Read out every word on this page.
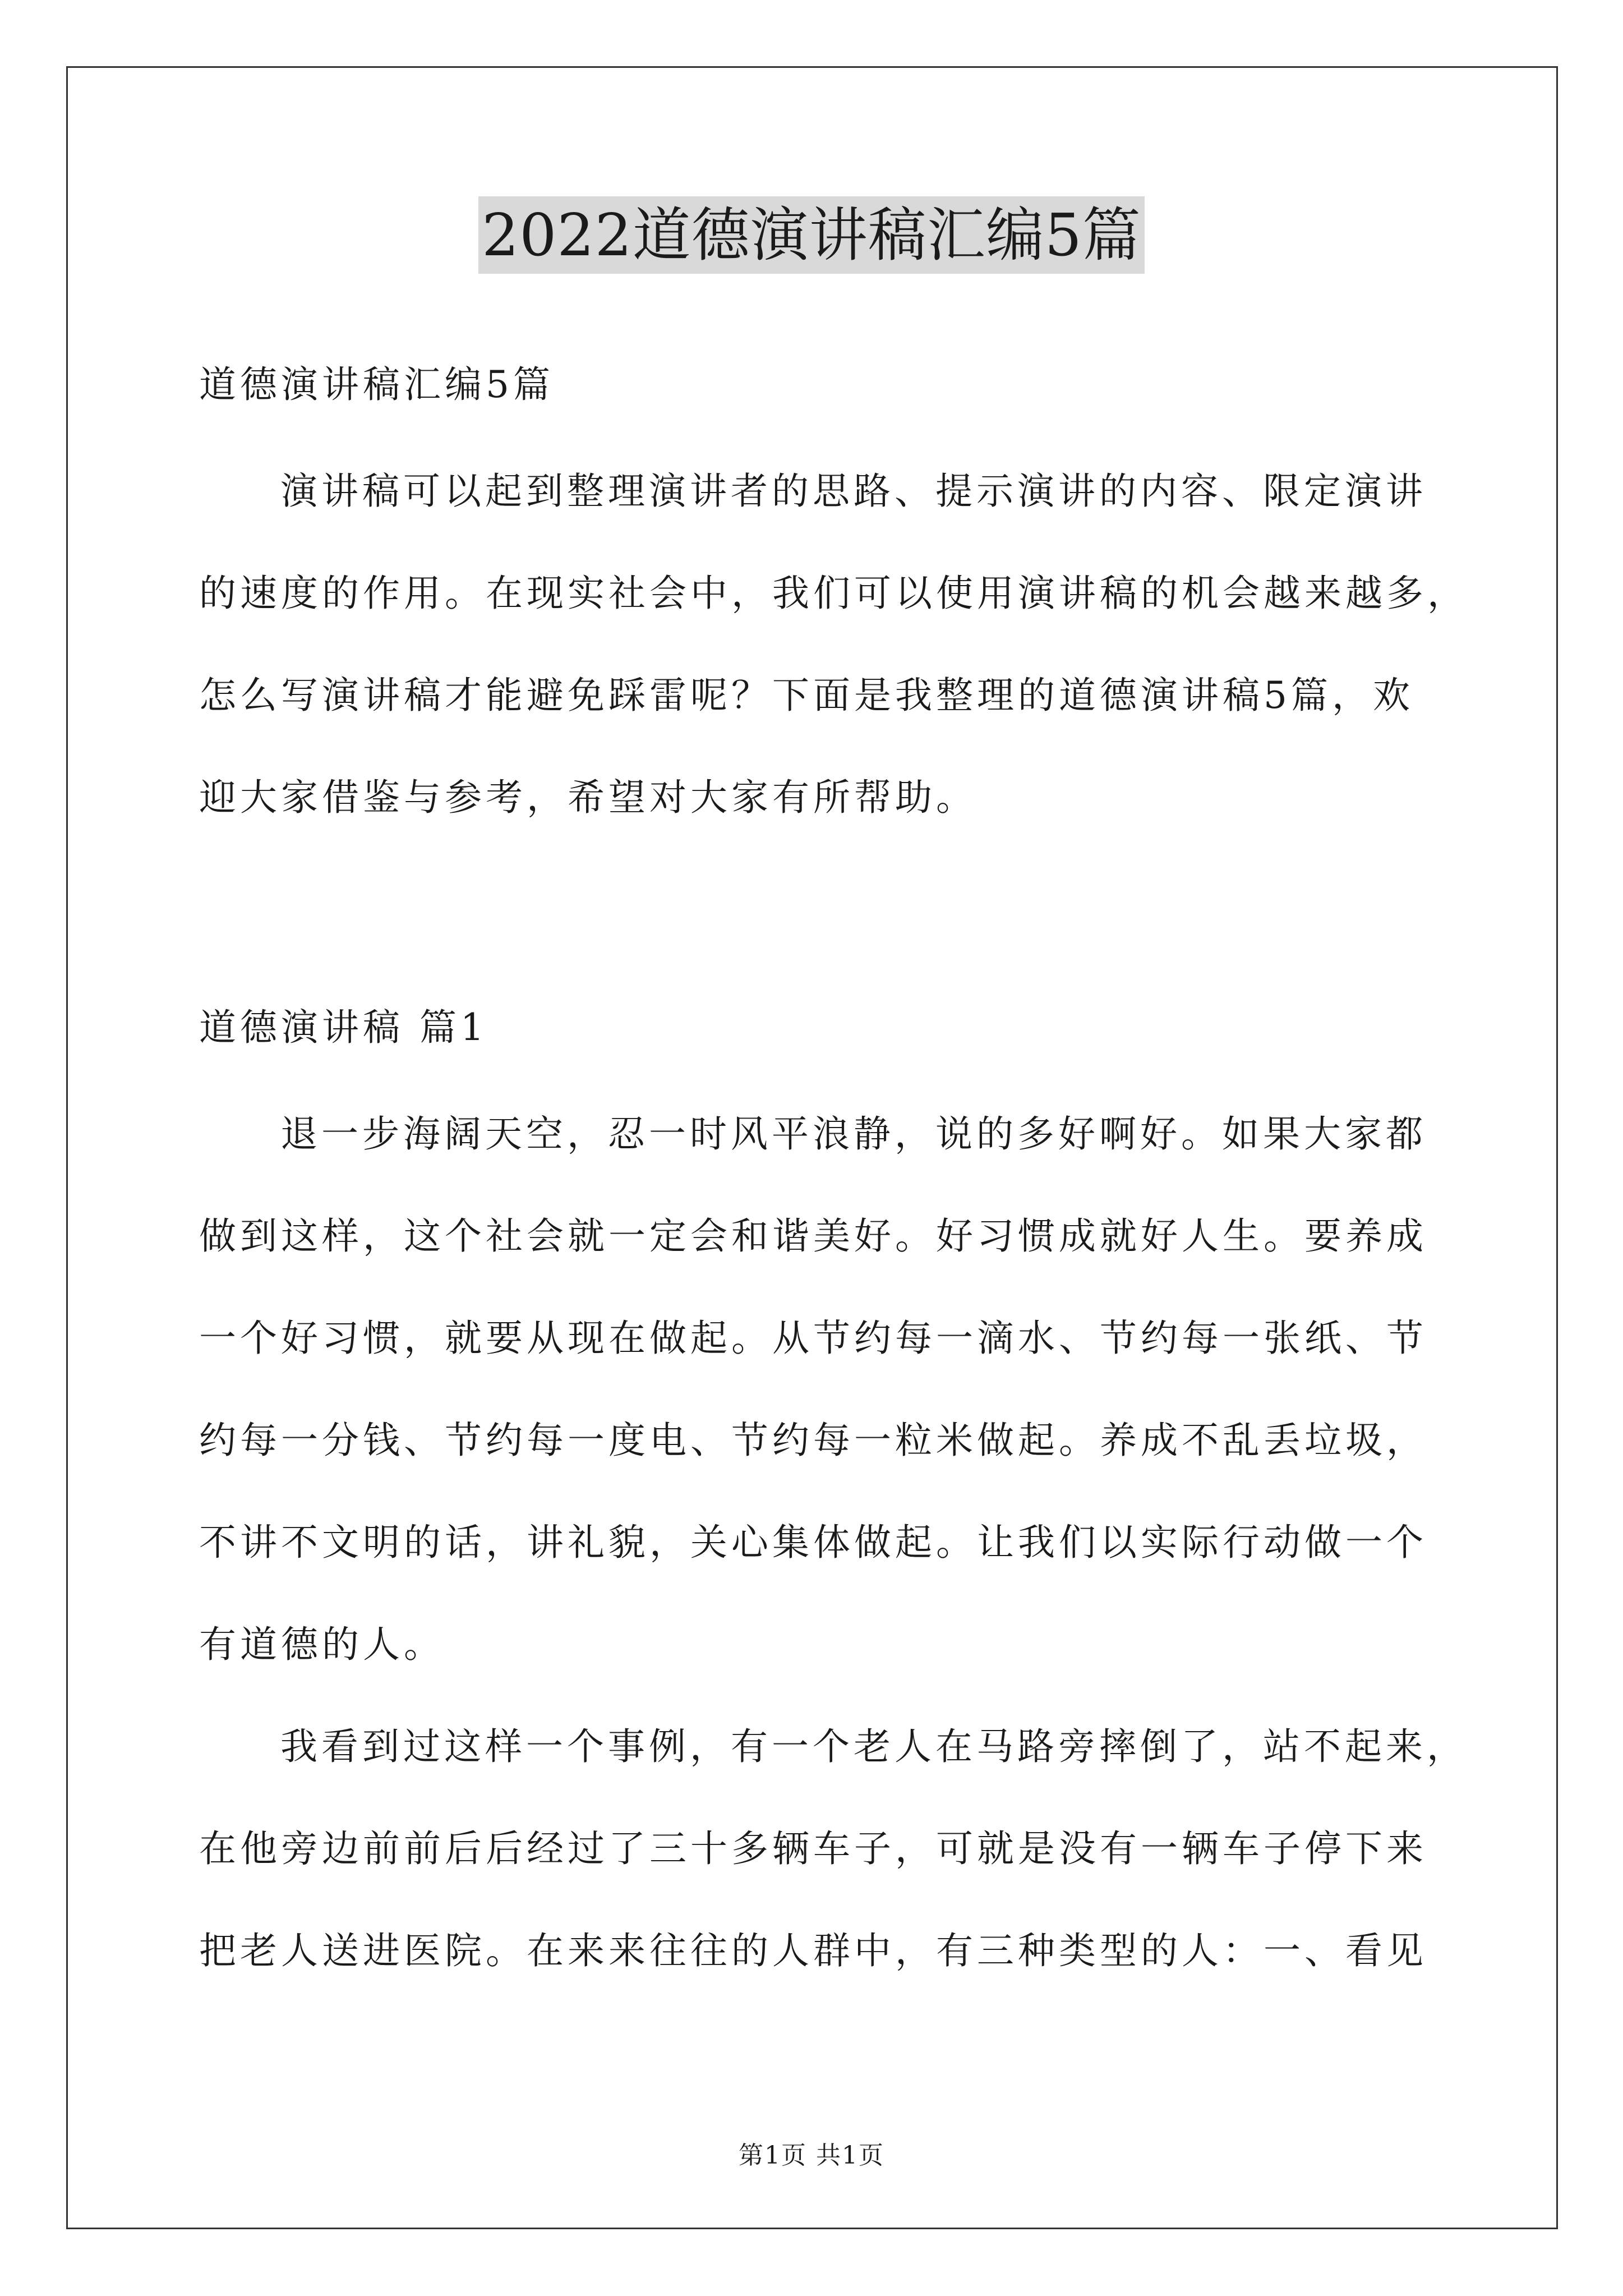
2022道德演讲稿汇编5篇
道德演讲稿汇编5篇
演讲稿可以起到整理演讲者的思路、提示演讲的内容、限定演讲
的速度的作用。在现实社会中，我们可以使用演讲稿的机会越来越多，
怎么写演讲稿才能避免踩雷呢？下面是我整理的道德演讲稿5篇，欢
迎大家借鉴与参考，希望对大家有所帮助。
道德演讲稿 篇1
退一步海阔天空，忍一时风平浪静，说的多好啊好。如果大家都
做到这样，这个社会就一定会和谐美好。好习惯成就好人生。要养成
一个好习惯，就要从现在做起。从节约每一滴水、节约每一张纸、节
约每一分钱、节约每一度电、节约每一粒米做起。养成不乱丢垃圾，
不讲不文明的话，讲礼貌，关心集体做起。让我们以实际行动做一个
有道德的人。
我看到过这样一个事例，有一个老人在马路旁摔倒了，站不起来，
在他旁边前前后后经过了三十多辆车子，可就是没有一辆车子停下来
把老人送进医院。在来来往往的人群中，有三种类型的人：一、看见
第1页 共1页
